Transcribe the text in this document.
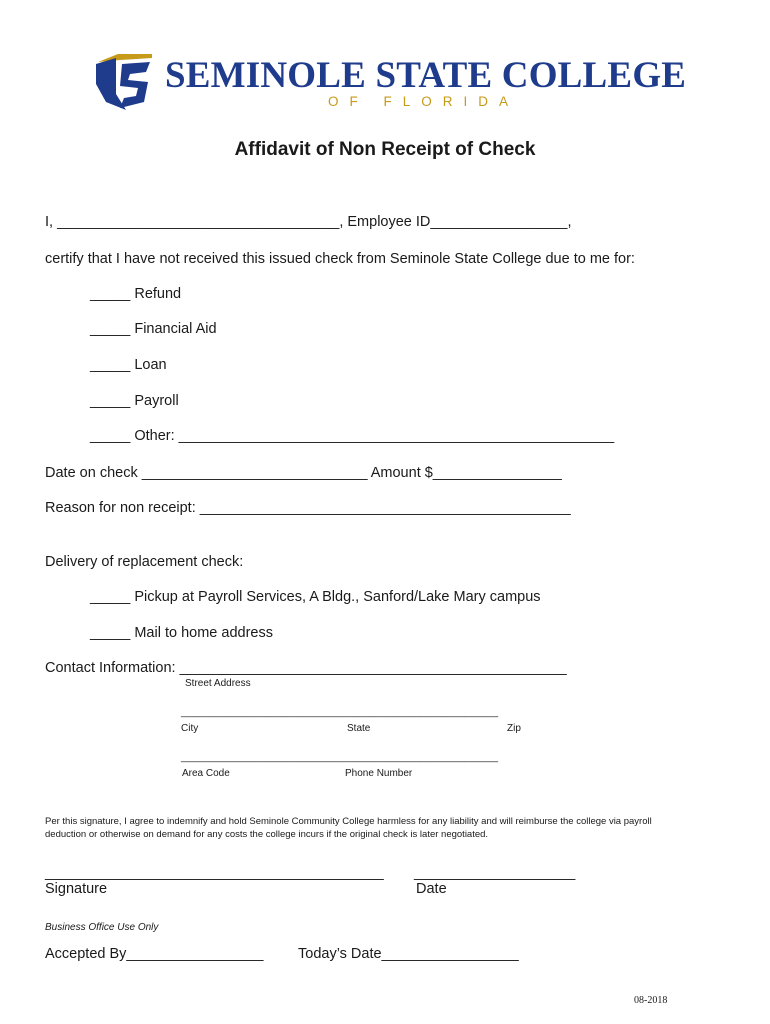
SEMINOLE STATE COLLEGE
OF FLORIDA
Affidavit of Non Receipt of Check
I, ___________________________________, Employee ID_________________,
certify that I have not received this issued check from Seminole State College due to me for:
_____ Refund
_____ Financial Aid
_____ Loan
_____ Payroll
_____ Other: ______________________________________________________
Date on check ____________________________ Amount $________________
Reason for non receipt: ______________________________________________
Delivery of replacement check:
_____ Pickup at Payroll Services, A Bldg., Sanford/Lake Mary campus
_____ Mail to home address
Contact Information: ________________________________________________
Street Address
_________________________________________________________
City	State	Zip
_________________________________________________________
Area Code	Phone Number
Per this signature, I agree to indemnify and hold Seminole Community College harmless for any liability and will reimburse the college via payroll
deduction or otherwise on demand for any costs the college incurs if the original check is later negotiated.
__________________________________________ ____________________
Signature	Date
Business Office Use Only
Accepted By_________________ Today’s Date_________________
08-2018
